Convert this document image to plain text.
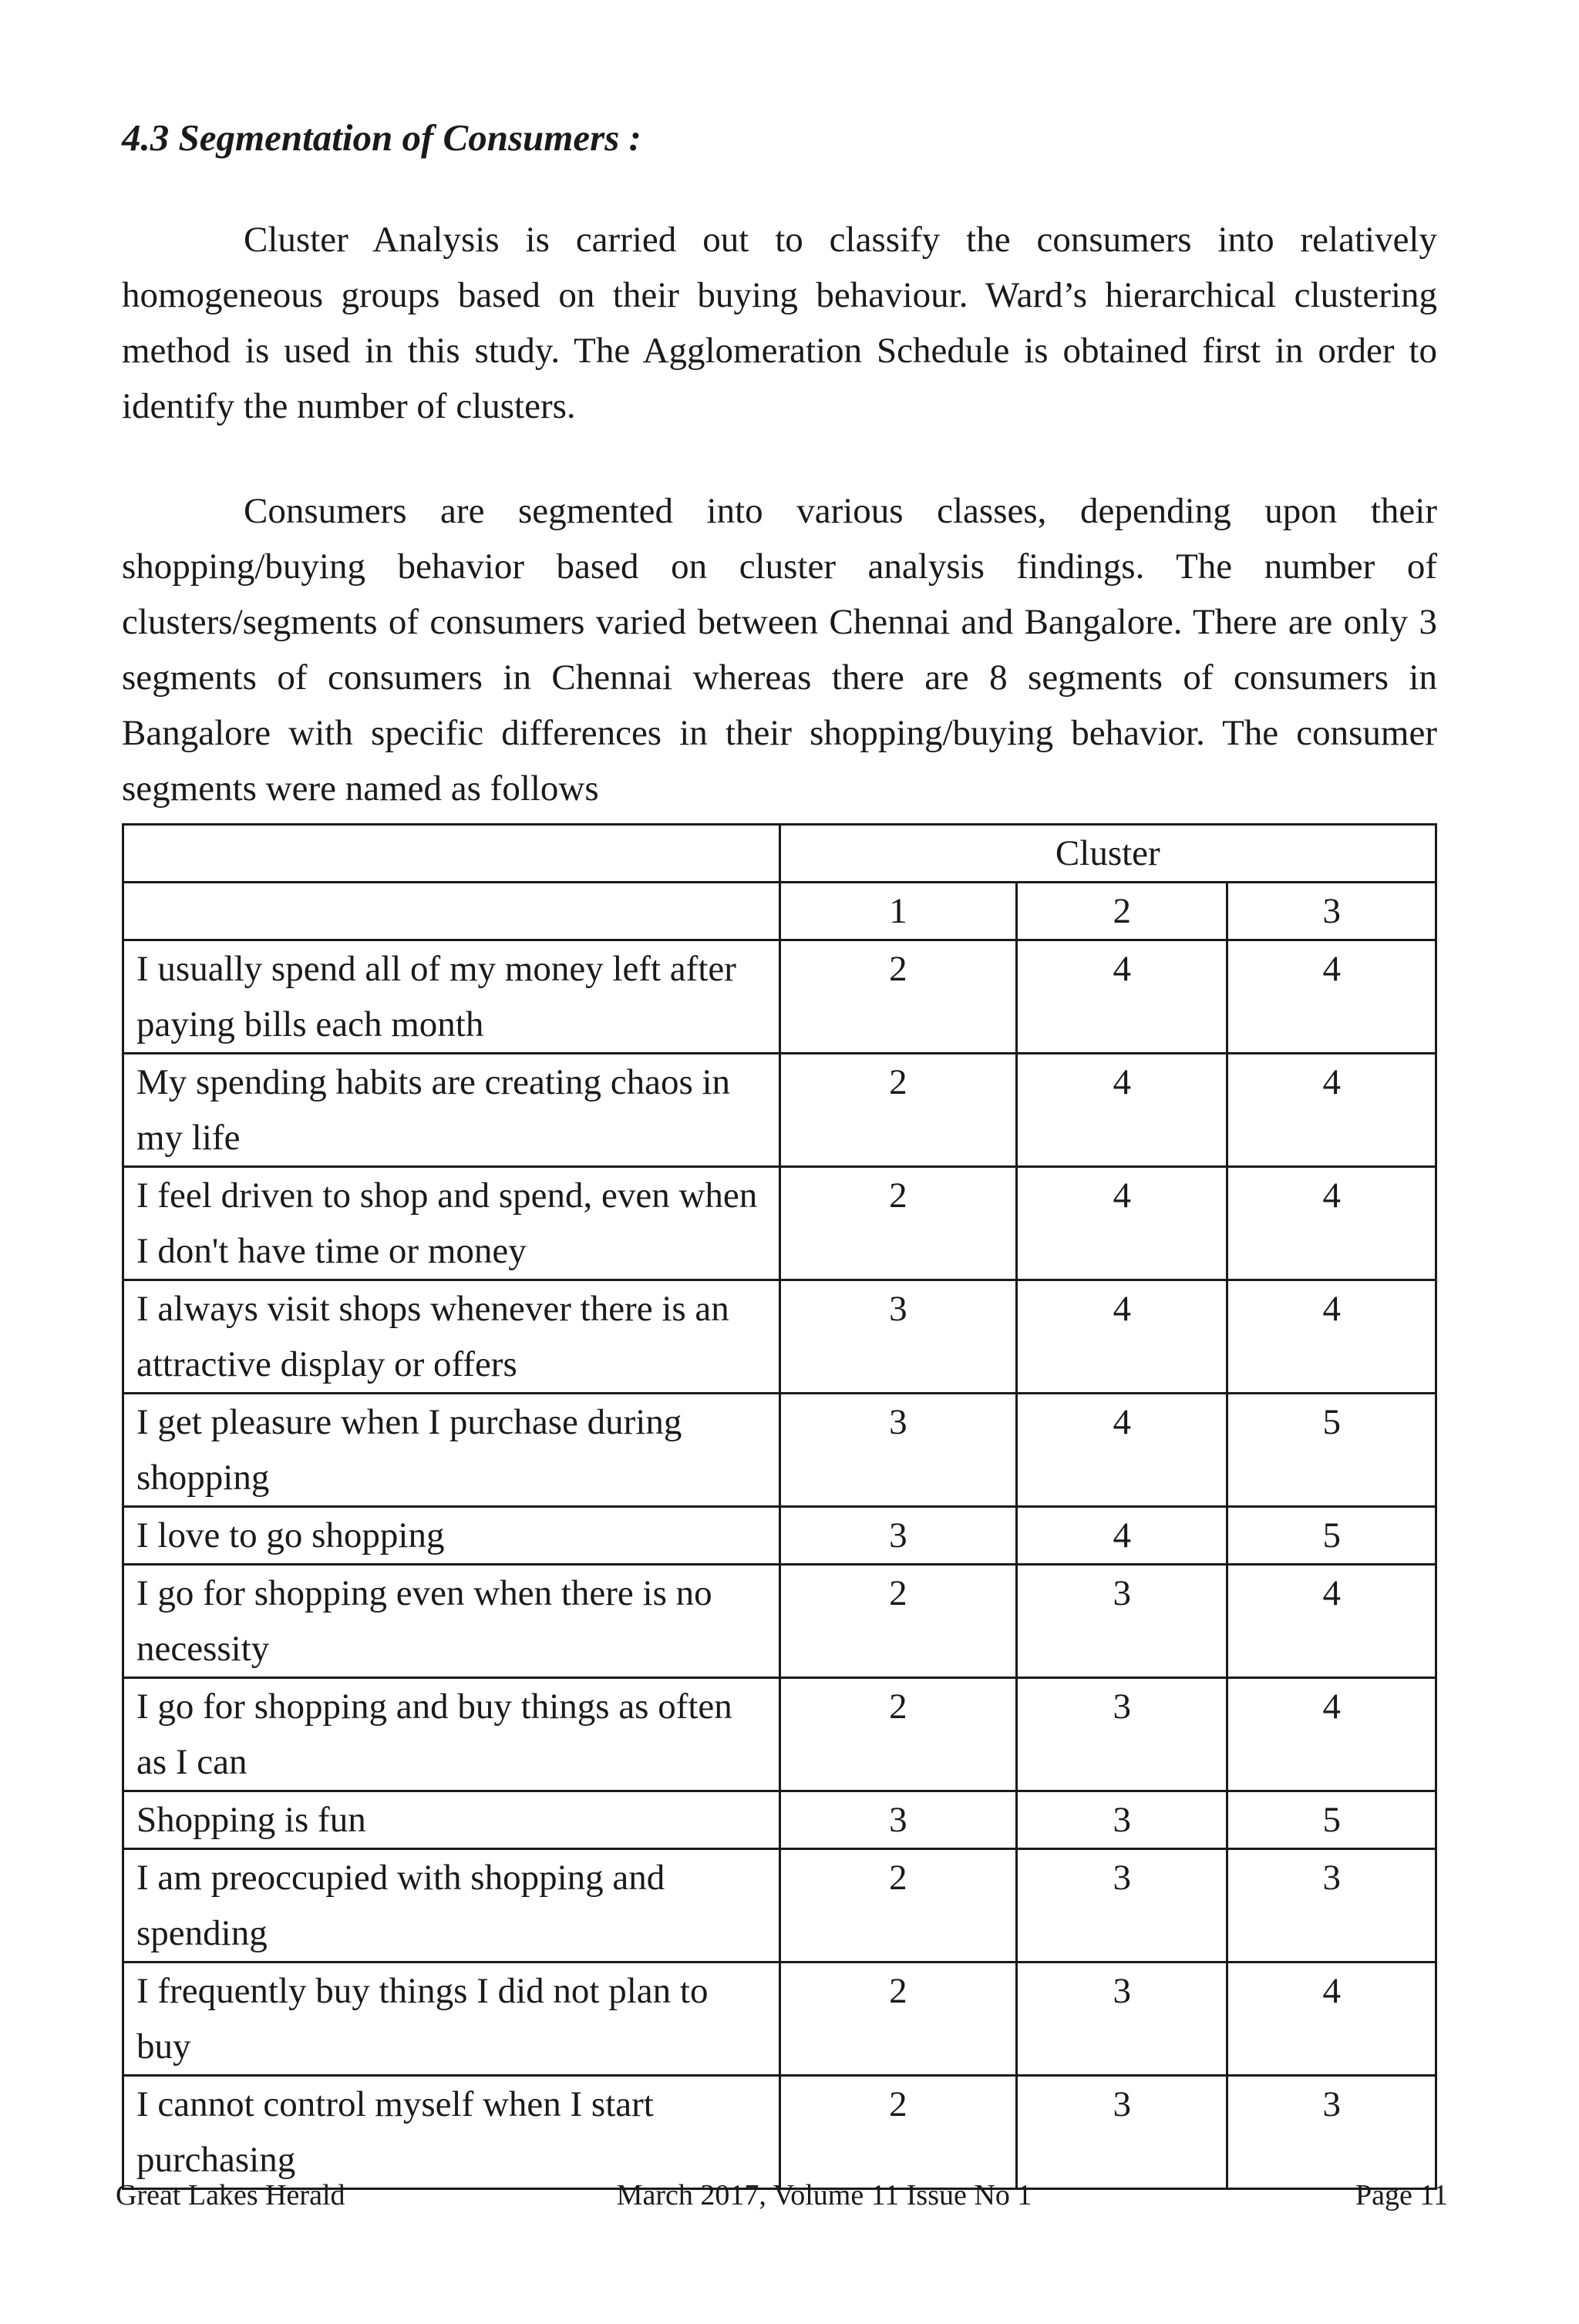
4.3 Segmentation of Consumers :

Cluster Analysis is carried out to classify the consumers into relatively homogeneous groups based on their buying behaviour. Ward’s hierarchical clustering method is used in this study. The Agglomeration Schedule is obtained first in order to identify the number of clusters.

Consumers are segmented into various classes, depending upon their shopping/buying behavior based on cluster analysis findings. The number of clusters/segments of consumers varied between Chennai and Bangalore. There are only 3 segments of consumers in Chennai whereas there are 8 segments of consumers in Bangalore with specific differences in their shopping/buying behavior. The consumer segments were named as follows

	Cluster		
	1	2	3
I usually spend all of my money left after paying bills each month	2	4	4
My spending habits are creating chaos in my life	2	4	4
I feel driven to shop and spend, even when I don't have time or money	2	4	4
I always visit shops whenever there is an attractive display or offers	3	4	4
I get pleasure when I purchase during shopping	3	4	5
I love to go shopping	3	4	5
I go for shopping even when there is no necessity	2	3	4
I go for shopping and buy things as often as I can	2	3	4
Shopping is fun	3	3	5
I am preoccupied with shopping and spending	2	3	3
I frequently buy things I did not plan to buy	2	3	4
I cannot control myself when I start purchasing	2	3	3

Great Lakes Herald	March 2017, Volume 11 Issue No 1	Page 11
